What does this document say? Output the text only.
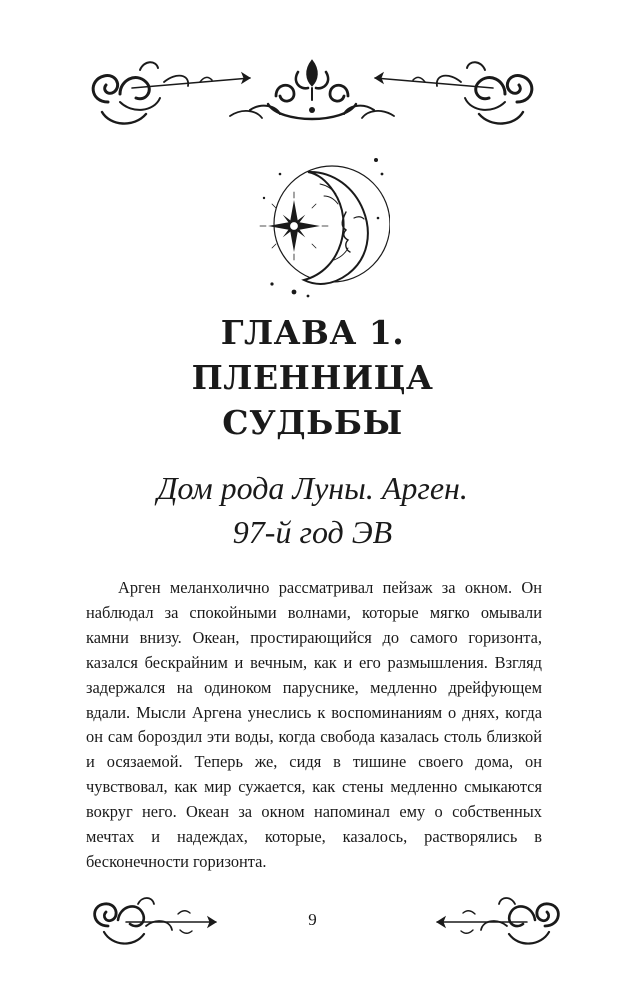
ГЛАВА 1.
ПЛЕННИЦА
СУДЬБЫ

Дом рода Луны. Арген.
97-й год ЭВ

Арген меланхолично рассматривал пейзаж за окном. Он наблюдал за спокойными волнами, которые мягко омывали камни внизу. Океан, простирающийся до самого горизонта, казался бескрайним и вечным, как и его размышления. Взгляд задержался на одиноком паруснике, медленно дрейфующем вдали. Мысли Аргена унеслись к воспоминаниям о днях, когда он сам бороздил эти воды, когда свобода казалась столь близкой и осязаемой. Теперь же, сидя в тишине своего дома, он чувствовал, как мир сужается, как стены медленно смыкаются вокруг него. Океан за окном напоминал ему о собственных мечтах и надеждах, которые, казалось, растворялись в бесконечности горизонта.

9
